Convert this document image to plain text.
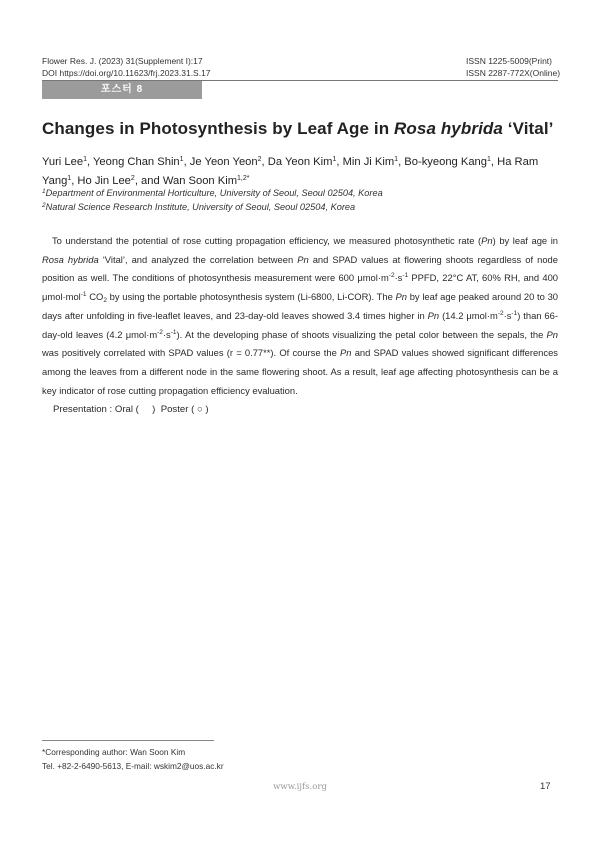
Flower Res. J. (2023) 31(Supplement I):17
DOI https://doi.org/10.11623/frj.2023.31.S.17
ISSN 1225-5009(Print)
ISSN 2287-772X(Online)
포스터 8
Changes in Photosynthesis by Leaf Age in Rosa hybrida ‘Vital’
Yuri Lee$^1$, Yeong Chan Shin$^1$, Je Yeon Yeon$^2$, Da Yeon Kim$^1$, Min Ji Kim$^1$, Bo-kyeong Kang$^1$, Ha Ram Yang$^1$, Ho Jin Lee$^2$, and Wan Soon Kim$^{1,2*}$
$^1$Department of Environmental Horticulture, University of Seoul, Seoul 02504, Korea
$^2$Natural Science Research Institute, University of Seoul, Seoul 02504, Korea

To understand the potential of rose cutting propagation efficiency, we measured photosynthetic rate (Pn) by leaf age in Rosa hybrida ‘Vital’, and analyzed the correlation between Pn and SPAD values at flowering shoots regardless of node position as well. The conditions of photosynthesis measurement were 600 $\mu mol\cdot m^{-2}\cdot s^{-1}$ PPFD, 22°C AT, 60% RH, and 400 μmol·mol$^{-1}$ $CO_2$ by using the portable photosynthesis system (Li-6800, Li-COR). The Pn by leaf age peaked around 20 to 30 days after unfolding in five-leaflet leaves, and 23-day-old leaves showed 3.4 times higher in Pn (14.2 $\mu mol\cdot m^{-2}\cdot s^{-1}$) than 66-day-old leaves (4.2 $\mu mol\cdot m^{-2}\cdot s^{-1}$). At the developing phase of shoots visualizing the petal color between the sepals, the Pn was positively correlated with SPAD values (r = 0.77**). Of course the Pn and SPAD values showed significant differences among the leaves from a different node in the same flowering shoot. As a result, leaf age affecting photosynthesis can be a key indicator of rose cutting propagation efficiency evaluation.

Presentation : Oral (     )  Poster ( ○ )
*Corresponding author: Wan Soon Kim
Tel. +82-2-6490-5613, E-mail: wskim2@uos.ac.kr
www.ijfs.org	17
